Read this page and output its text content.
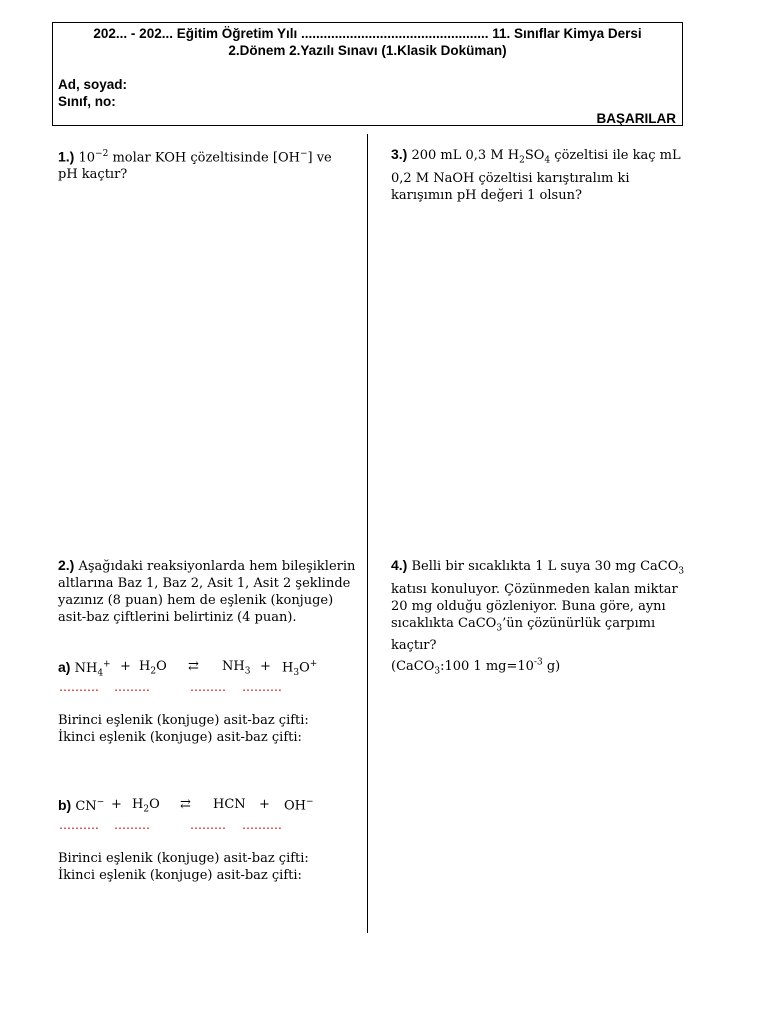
202... - 202... Eğitim Öğretim Yılı .................................................. 11. Sınıflar Kimya Dersi
2.Dönem 2.Yazılı Sınavı (1.Klasik Doküman)
Ad, soyad:
Sınıf, no:
BAŞARILAR
1.) $10^{-2}$ molar KOH çözeltisinde [OH−] ve pH kaçtır?
3.) 200 mL 0,3 M $H_2SO_4$ çözeltisi ile kaç mL 0,2 M NaOH çözeltisi karıştıralım ki karışımın pH değeri 1 olsun?
2.) Aşağıdaki reaksiyonlarda hem bileşiklerin altlarına Baz 1, Baz 2, Asit 1, Asit 2 şeklinde yazınız (8 puan) hem de eşlenik (konjuge) asit-baz çiftlerini belirtiniz (4 puan).
a) $NH_4^+ + H_2O$ ⇄ $NH_3 + H_3O^+$
………. ………	……… ……….
Birinci eşlenik (konjuge) asit-baz çifti:
İkinci eşlenik (konjuge) asit-baz çifti:
b) $CN^- + H_2O$ ⇄ HCN + OH−
………. ………	……… ……….
Birinci eşlenik (konjuge) asit-baz çifti:
İkinci eşlenik (konjuge) asit-baz çifti:
4.) Belli bir sıcaklıkta 1 L suya 30 mg CaCO$_3$ katısı konuluyor. Çözünmeden kalan miktar 20 mg olduğu gözleniyor. Buna göre, aynı sıcaklıkta CaCO$_3$’ün çözünürlük çarpımı kaçtır?
(CaCO$_3$:100 1 $mg=10^{-3}$ g)
